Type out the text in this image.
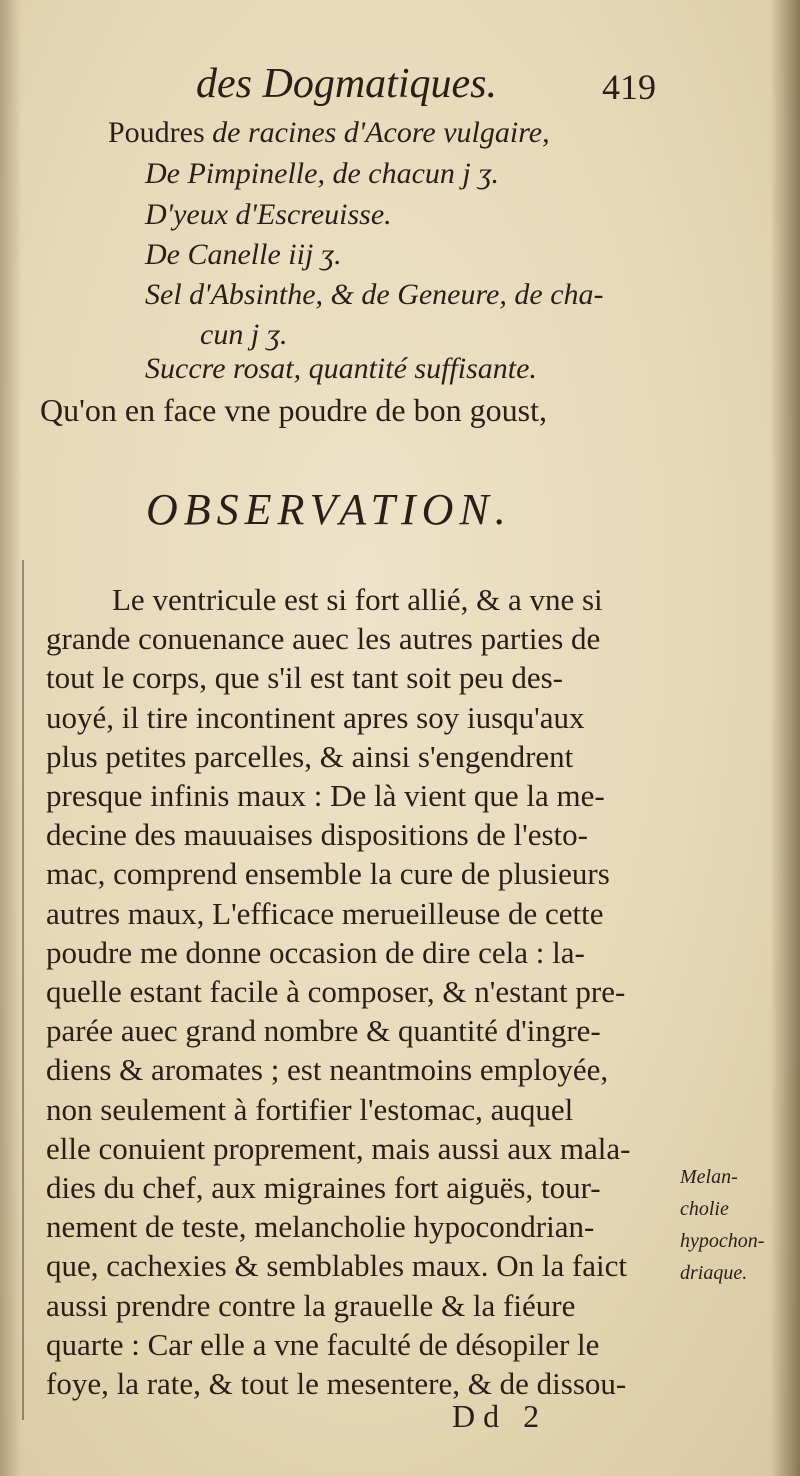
des Dogmatiques.	419
Poudres de racines d'Acore vulgaire,
De Pimpinelle, de chacun j ʒ.
D'yeux d'Escreuisse.
De Canelle iij ʒ.
Sel d'Absinthe, & de Geneure, de cha-
cun j ʒ.
Succre rosat, quantité suffisante.
Qu'on en face vne poudre de bon goust,
OBSERVATION.
Le ventricule est si fort allié, & a vne si
grande conuenance auec les autres parties de
tout le corps, que s'il est tant soit peu des-
uoyé, il tire incontinent apres soy iusqu'aux
plus petites parcelles, & ainsi s'engendrent
presque infinis maux : De là vient que la me-
decine des mauuaises dispositions de l'esto-
mac, comprend ensemble la cure de plusieurs
autres maux, L'efficace merueilleuse de cette
poudre me donne occasion de dire cela : la-
quelle estant facile à composer, & n'estant pre-
parée auec grand nombre & quantité d'ingre-
diens & aromates ; est neantmoins employée,
non seulement à fortifier l'estomac, auquel
elle conuient proprement, mais aussi aux mala-
dies du chef, aux migraines fort aiguës, tour-
nement de teste, melancholie hypocondrian-
que, cachexies & semblables maux. On la faict
aussi prendre contre la grauelle & la fiéure
quarte : Car elle a vne faculté de désopiler le
foye, la rate, & tout le mesentere, & de dissou-
Melan-
cholie
hypochon-
driaque.
Dd 2
